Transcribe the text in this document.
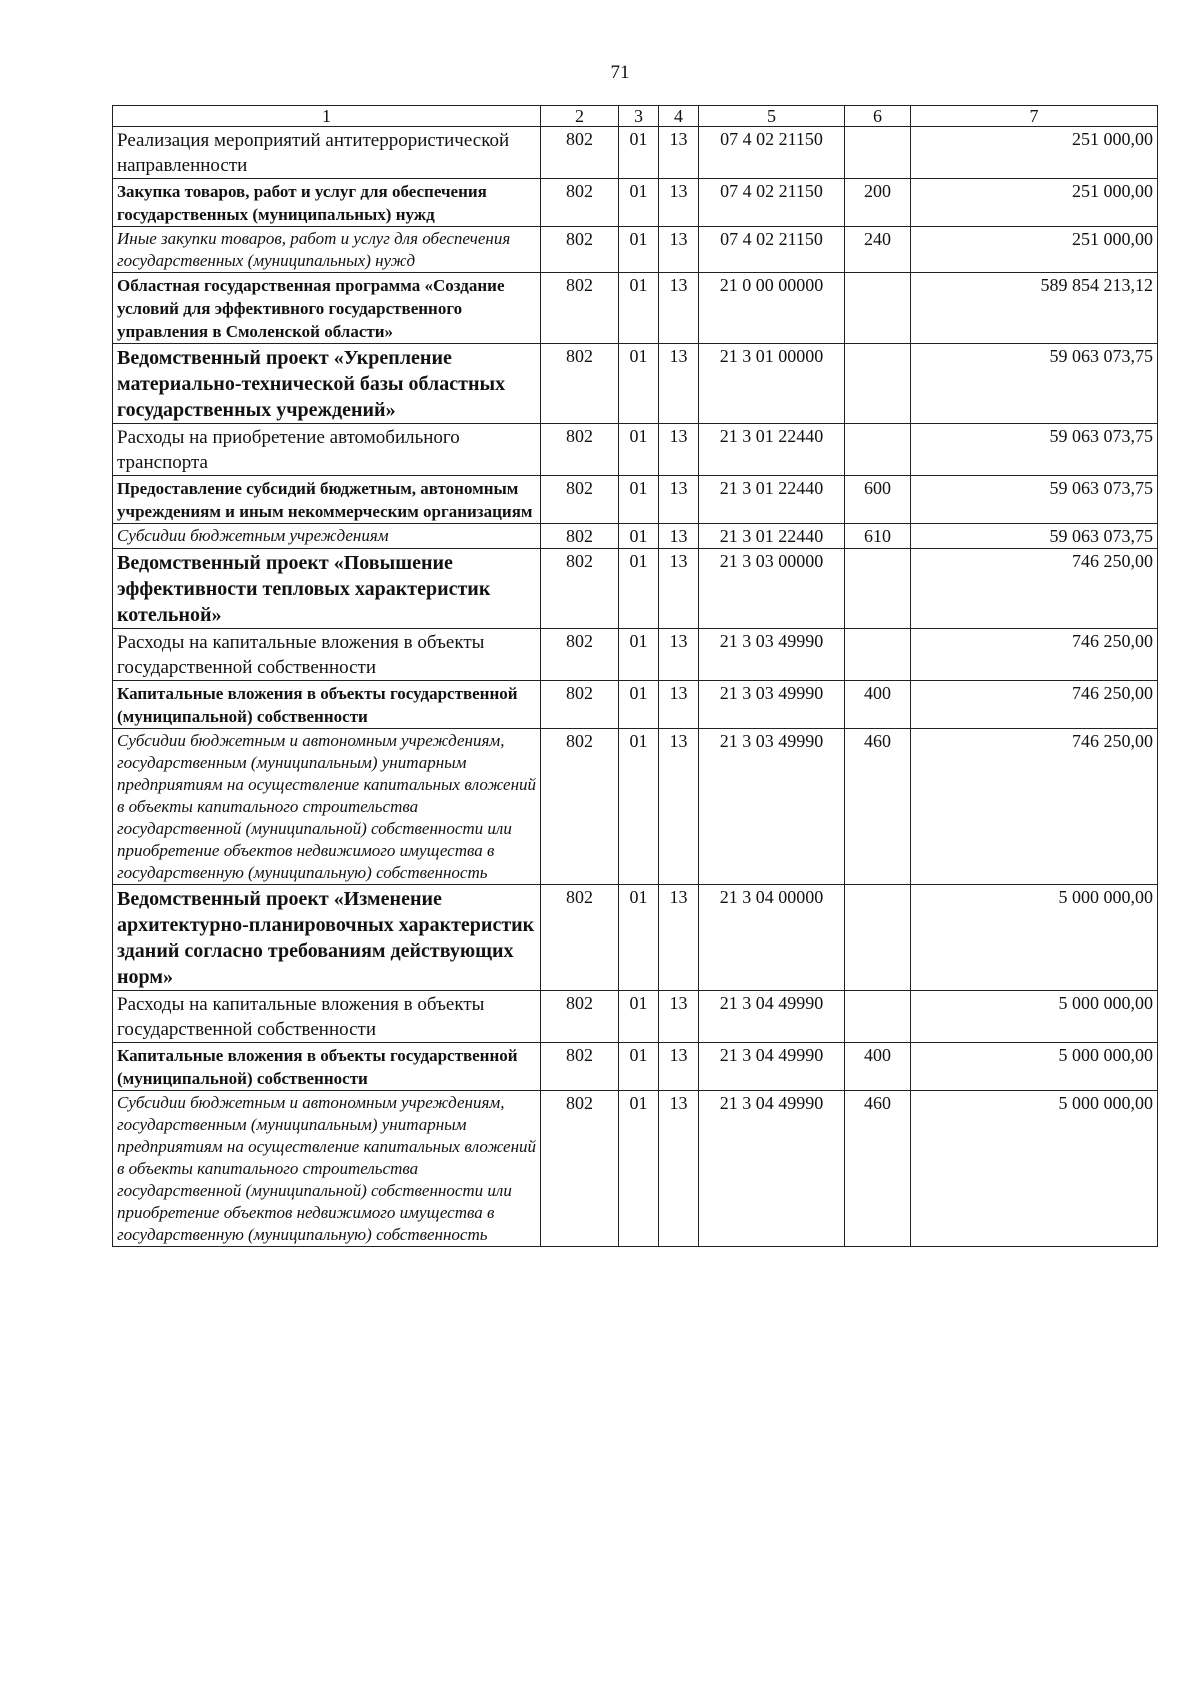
71
1	2	3	4	5	6	7
Реализация мероприятий антитеррористической направленности	802	01	13	07 4 02 21150		251 000,00
Закупка товаров, работ и услуг для обеспечения государственных (муниципальных) нужд	802	01	13	07 4 02 21150	200	251 000,00
Иные закупки товаров, работ и услуг для обеспечения государственных (муниципальных) нужд	802	01	13	07 4 02 21150	240	251 000,00
Областная государственная программа «Создание условий для эффективного государственного управления в Смоленской области»	802	01	13	21 0 00 00000		589 854 213,12
Ведомственный проект «Укрепление материально-технической базы областных государственных учреждений»	802	01	13	21 3 01 00000		59 063 073,75
Расходы на приобретение автомобильного транспорта	802	01	13	21 3 01 22440		59 063 073,75
Предоставление субсидий бюджетным, автономным учреждениям и иным некоммерческим организациям	802	01	13	21 3 01 22440	600	59 063 073,75
Субсидии бюджетным учреждениям	802	01	13	21 3 01 22440	610	59 063 073,75
Ведомственный проект «Повышение эффективности тепловых характеристик котельной»	802	01	13	21 3 03 00000		746 250,00
Расходы на капитальные вложения в объекты государственной собственности	802	01	13	21 3 03 49990		746 250,00
Капитальные вложения в объекты государственной (муниципальной) собственности	802	01	13	21 3 03 49990	400	746 250,00
Субсидии бюджетным и автономным учреждениям, государственным (муниципальным) унитарным предприятиям на осуществление капитальных вложений в объекты капитального строительства государственной (муниципальной) собственности или приобретение объектов недвижимого имущества в государственную (муниципальную) собственность	802	01	13	21 3 03 49990	460	746 250,00
Ведомственный проект «Изменение архитектурно-планировочных характеристик зданий согласно требованиям действующих норм»	802	01	13	21 3 04 00000		5 000 000,00
Расходы на капитальные вложения в объекты государственной собственности	802	01	13	21 3 04 49990		5 000 000,00
Капитальные вложения в объекты государственной (муниципальной) собственности	802	01	13	21 3 04 49990	400	5 000 000,00
Субсидии бюджетным и автономным учреждениям, государственным (муниципальным) унитарным предприятиям на осуществление капитальных вложений в объекты капитального строительства государственной (муниципальной) собственности или приобретение объектов недвижимого имущества в государственную (муниципальную) собственность	802	01	13	21 3 04 49990	460	5 000 000,00
